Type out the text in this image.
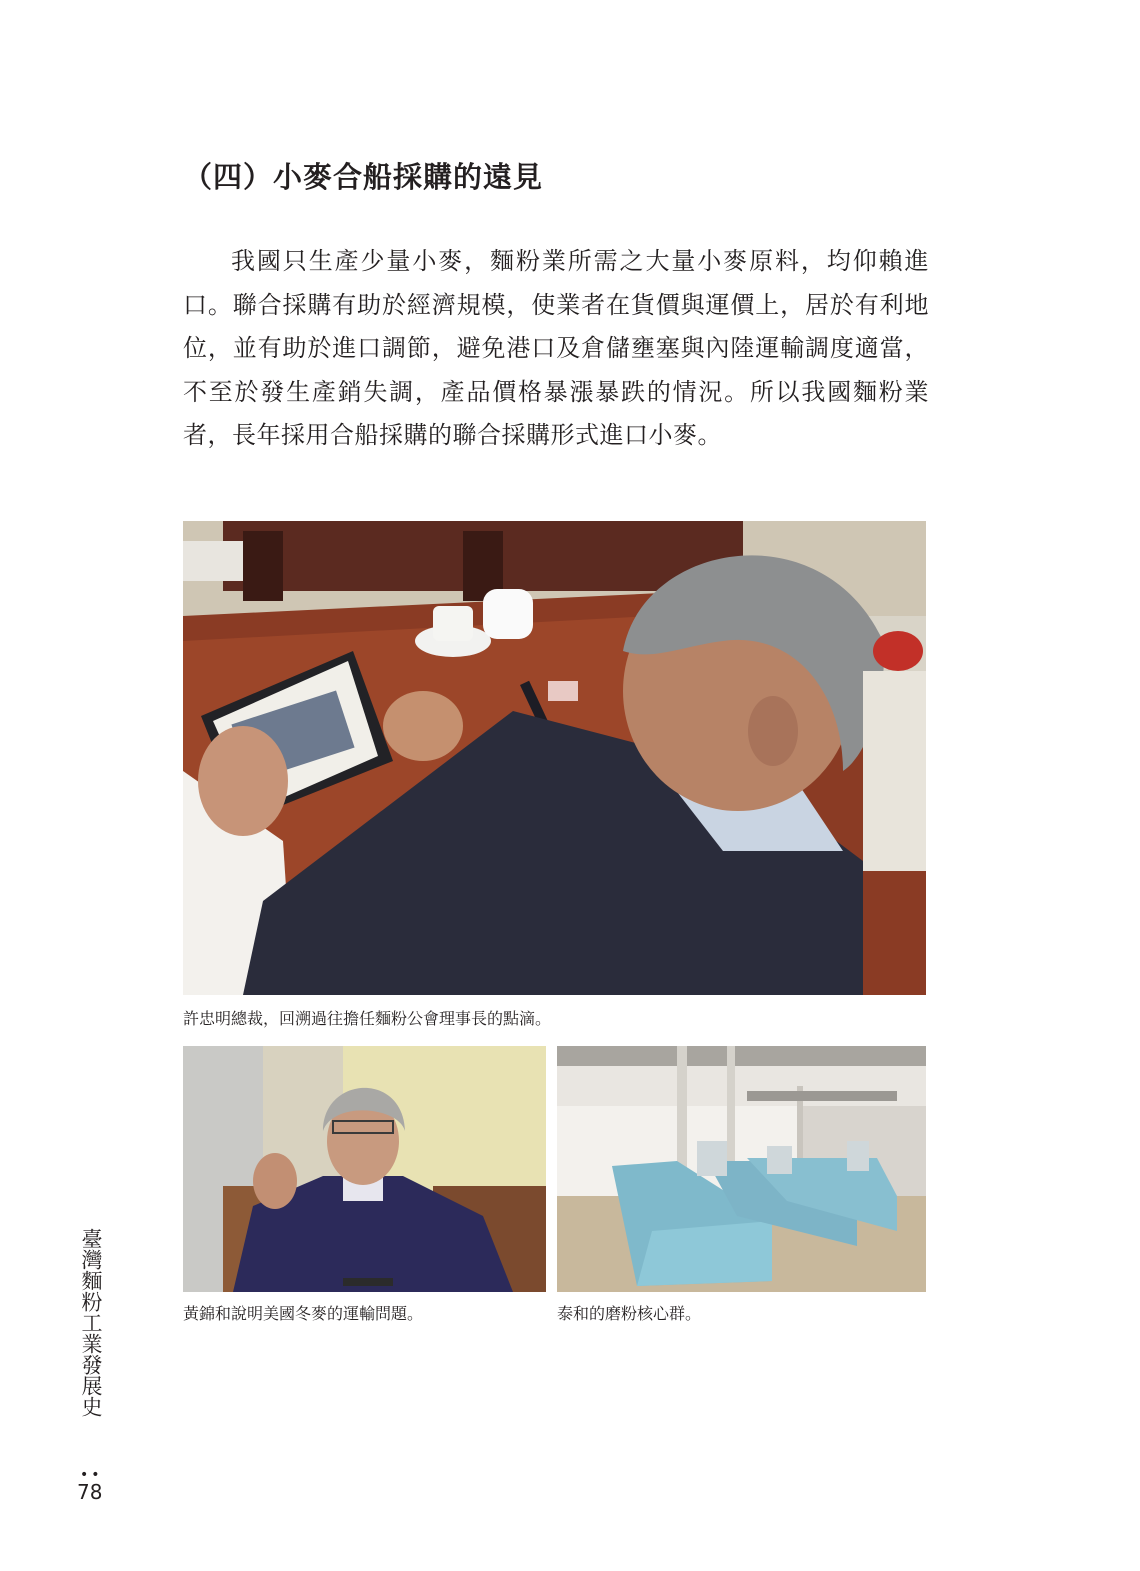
（四）小麥合船採購的遠見

我國只生產少量小麥，麵粉業所需之大量小麥原料，均仰賴進口。聯合採購有助於經濟規模，使業者在貨價與運價上，居於有利地位，並有助於進口調節，避免港口及倉儲壅塞與內陸運輸調度適當，不至於發生產銷失調，產品價格暴漲暴跌的情況。所以我國麵粉業者，長年採用合船採購的聯合採購形式進口小麥。

許忠明總裁，回溯過往擔任麵粉公會理事長的點滴。
黃錦和說明美國冬麥的運輸問題。	泰和的磨粉核心群。
臺灣麵粉工業發展史
••
78
